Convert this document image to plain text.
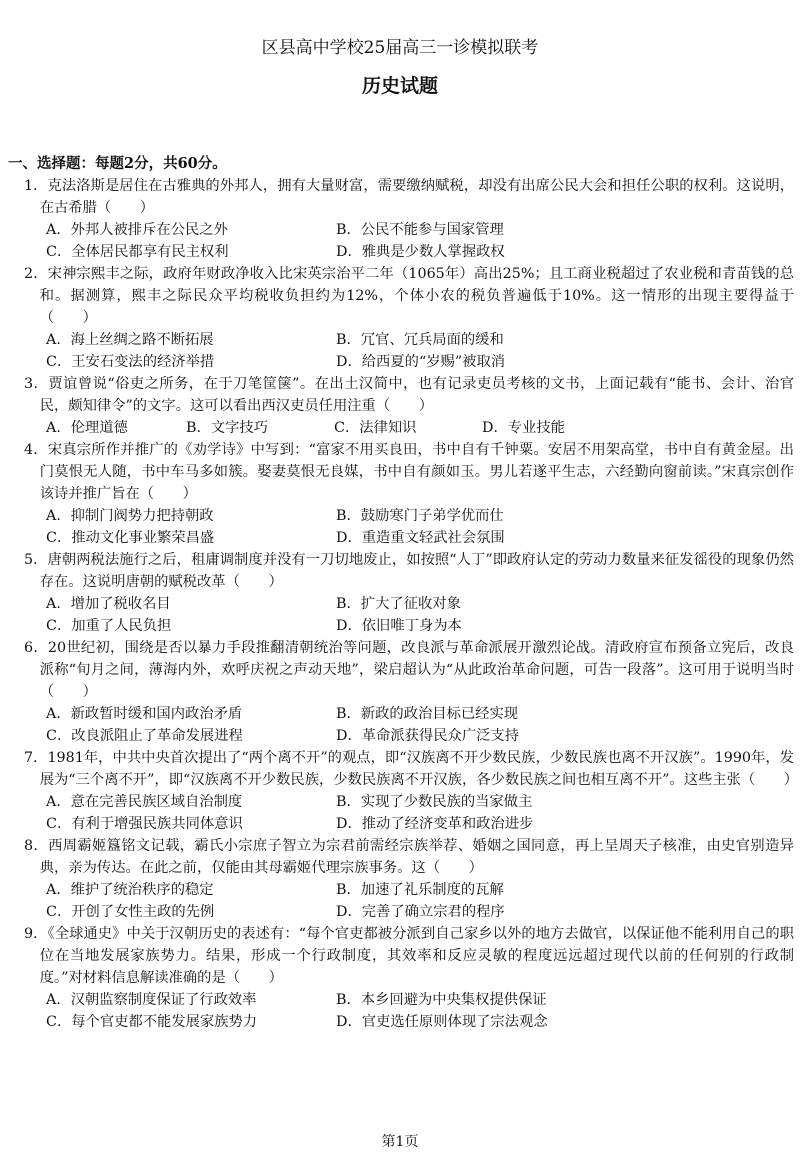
区县高中学校25届高三一诊模拟联考
历史试题
一、选择题：每题2分，共60分。

1．克法洛斯是居住在古雅典的外邦人，拥有大量财富，需要缴纳赋税，却没有出席公民大会和担任公职的权利。这说明，在古希腊（　　）

A．外邦人被排斥在公民之外	B．公民不能参与国家管理
C．全体居民都享有民主权利	D．雅典是少数人掌握政权

2．宋神宗熙丰之际，政府年财政净收入比宋英宗治平二年（1065年）高出25%；且工商业税超过了农业税和青苗钱的总和。据测算，熙丰之际民众平均税收负担约为12%，个体小农的税负普遍低于10%。这一情形的出现主要得益于（　　）

A．海上丝绸之路不断拓展	B．冗官、冗兵局面的缓和
C．王安石变法的经济举措	D．给西夏的“岁赐”被取消

3．贾谊曾说“俗吏之所务，在于刀笔筐箧”。在出土汉简中，也有记录吏员考核的文书，上面记载有“能书、会计、治官民，颇知律令”的文字。这可以看出西汉吏员任用注重（　　）

A．伦理道德	B．文字技巧	C．法律知识	D．专业技能

4．宋真宗所作并推广的《劝学诗》中写到：“富家不用买良田，书中自有千钟粟。安居不用架高堂，书中自有黄金屋。出门莫恨无人随，书中车马多如簇。娶妻莫恨无良媒，书中自有颜如玉。男儿若遂平生志，六经勤向窗前读。”宋真宗创作该诗并推广旨在（　　）

A．抑制门阀势力把持朝政	B．鼓励寒门子弟学优而仕
C．推动文化事业繁荣昌盛	D．重造重文轻武社会氛围

5．唐朝两税法施行之后，租庸调制度并没有一刀切地废止，如按照“人丁”即政府认定的劳动力数量来征发徭役的现象仍然存在。这说明唐朝的赋税改革（　　）

A．增加了税收名目	B．扩大了征收对象
C．加重了人民负担	D．依旧唯丁身为本

6．20世纪初，围绕是否以暴力手段推翻清朝统治等问题，改良派与革命派展开激烈论战。清政府宣布预备立宪后，改良派称“旬月之间，薄海内外，欢呼庆祝之声动天地”，梁启超认为“从此政治革命问题，可告一段落”。这可用于说明当时（　　）

A．新政暂时缓和国内政治矛盾	B．新政的政治目标已经实现
C．改良派阻止了革命发展进程	D．革命派获得民众广泛支持

7．1981年，中共中央首次提出了“两个离不开”的观点，即“汉族离不开少数民族，少数民族也离不开汉族”。1990年，发展为“三个离不开”，即“汉族离不开少数民族，少数民族离不开汉族，各少数民族之间也相互离不开”。这些主张（　　）

A．意在完善民族区域自治制度	B．实现了少数民族的当家做主
C．有利于增强民族共同体意识	D．推动了经济变革和政治进步

8．西周霸姬簋铭文记载，霸氏小宗庶子智立为宗君前需经宗族举荐、婚姻之国同意，再上呈周天子核准，由史官别造异典，亲为传达。在此之前，仅能由其母霸姬代理宗族事务。这（　　）

A．维护了统治秩序的稳定	B．加速了礼乐制度的瓦解
C．开创了女性主政的先例	D．完善了确立宗君的程序

9．《全球通史》中关于汉朝历史的表述有：“每个官吏都被分派到自己家乡以外的地方去做官，以保证他不能利用自己的职位在当地发展家族势力。结果，形成一个行政制度，其效率和反应灵敏的程度远远超过现代以前的任何别的行政制度。”对材料信息解读准确的是（　　）

A．汉朝监察制度保证了行政效率	B．本乡回避为中央集权提供保证
C．每个官吏都不能发展家族势力	D．官吏选任原则体现了宗法观念
第1页
